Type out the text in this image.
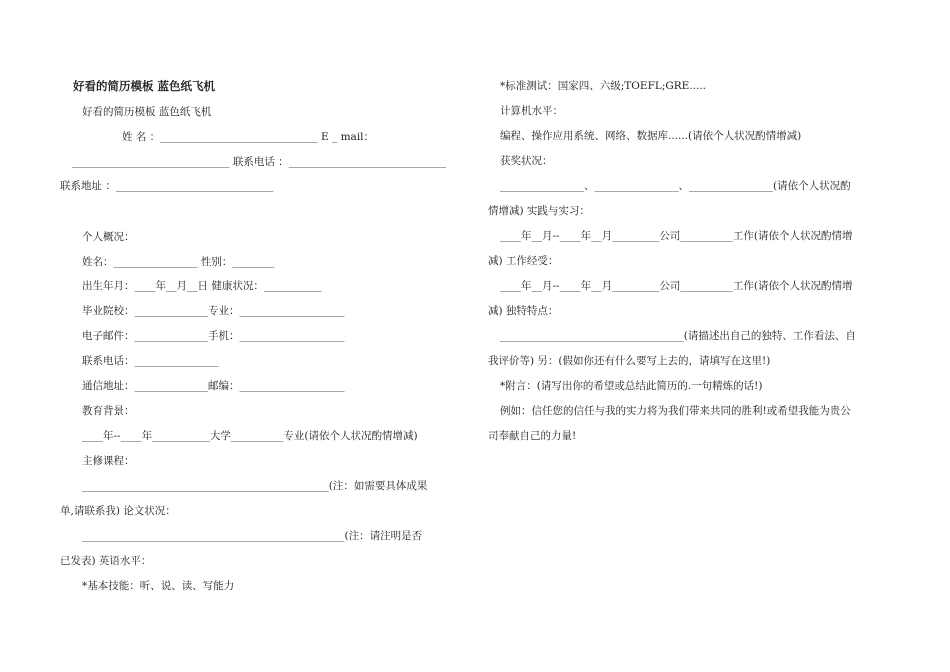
好看的简历模板 蓝色纸飞机
好看的简历模板 蓝色纸飞机
姓 名 ：______________________________ E _ mail：
______________________________ 联系电话 ：______________________________
联系地址 ：______________________________
个人概况：
姓名：________________ 性别：________
出生年月：____年__月__日 健康状况：___________
毕业院校：______________专业：____________________
电子邮件：______________手机：____________________
联系电话：________________
通信地址：______________邮编：____________________
教育背景：
____年--____年___________大学__________专业(请依个人状况酌情增减)
主修课程：
_______________________________________________(注：如需要具体成果
单,请联系我) 论文状况：
__________________________________________________(注：请注明是否
已发表) 英语水平：
*基本技能：听、说、读、写能力
*标准测试：国家四、六级;TOEFL;GRE.....
计算机水平：
编程、操作应用系统、网络、数据库......(请依个人状况酌情增减)
获奖状况：
________________、________________、________________(请依个人状况酌
情增减) 实践与实习：
____年__月--____年__月_________公司__________工作(请依个人状况酌情增
减) 工作经受：
____年__月--____年__月_________公司__________工作(请依个人状况酌情增
减) 独特特点：
___________________________________(请描述出自己的独特、工作看法、自
我评价等) 另：(假如你还有什么要写上去的，请填写在这里!)
*附言：(请写出你的希望或总结此简历的.一句精炼的话!)
例如：信任您的信任与我的实力将为我们带来共同的胜利!或希望我能为贵公
司奉献自己的力量!
